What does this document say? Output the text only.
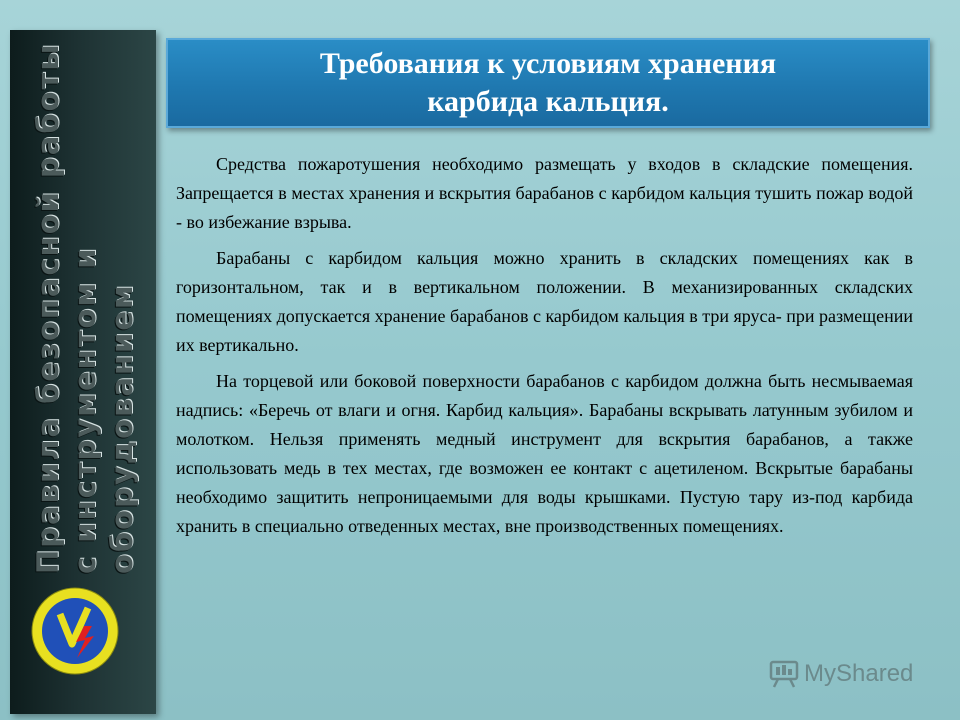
Правила безопасной работы с инструментом и оборудованием
Требования к условиям хранения
карбида кальция.

Средства пожаротушения необходимо размещать у входов в складские помещения. Запрещается в местах хранения и вскрытия барабанов с карбидом кальция тушить пожар водой - во избежание взрыва.

Барабаны с карбидом кальция можно хранить в складских помещениях как в горизонтальном, так и в вертикальном положении. В механизированных складских помещениях допускается хранение барабанов с карбидом кальция в три яруса- при размещении их вертикально.

На торцевой или боковой поверхности барабанов с карбидом должна быть несмываемая надпись: «Беречь от влаги и огня. Карбид кальция». Барабаны вскрывать латунным зубилом и молотком. Нельзя применять медный инструмент для вскрытия барабанов, а также использовать медь в тех местах, где возможен ее контакт с ацетиленом. Вскрытые барабаны необходимо защитить непроницаемыми для воды крышками. Пустую тару из-под карбида хранить в специально отведенных местах, вне производственных помещениях.

MyShared
